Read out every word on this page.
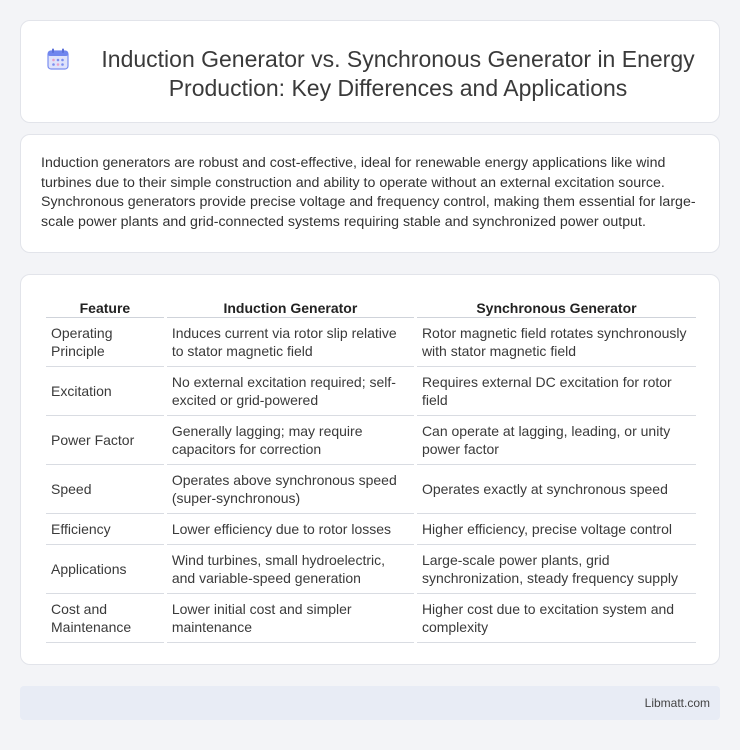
Induction Generator vs. Synchronous Generator in Energy Production: Key Differences and Applications

Induction generators are robust and cost-effective, ideal for renewable energy applications like wind turbines due to their simple construction and ability to operate without an external excitation source. Synchronous generators provide precise voltage and frequency control, making them essential for large-scale power plants and grid-connected systems requiring stable and synchronized power output.

Feature	Induction Generator	Synchronous Generator
Operating Principle	Induces current via rotor slip relative to stator magnetic field	Rotor magnetic field rotates synchronously with stator magnetic field
Excitation	No external excitation required; self-excited or grid-powered	Requires external DC excitation for rotor field
Power Factor	Generally lagging; may require capacitors for correction	Can operate at lagging, leading, or unity power factor
Speed	Operates above synchronous speed (super-synchronous)	Operates exactly at synchronous speed
Efficiency	Lower efficiency due to rotor losses	Higher efficiency, precise voltage control
Applications	Wind turbines, small hydroelectric, and variable-speed generation	Large-scale power plants, grid synchronization, steady frequency supply
Cost and Maintenance	Lower initial cost and simpler maintenance	Higher cost due to excitation system and complexity
Libmatt.com
